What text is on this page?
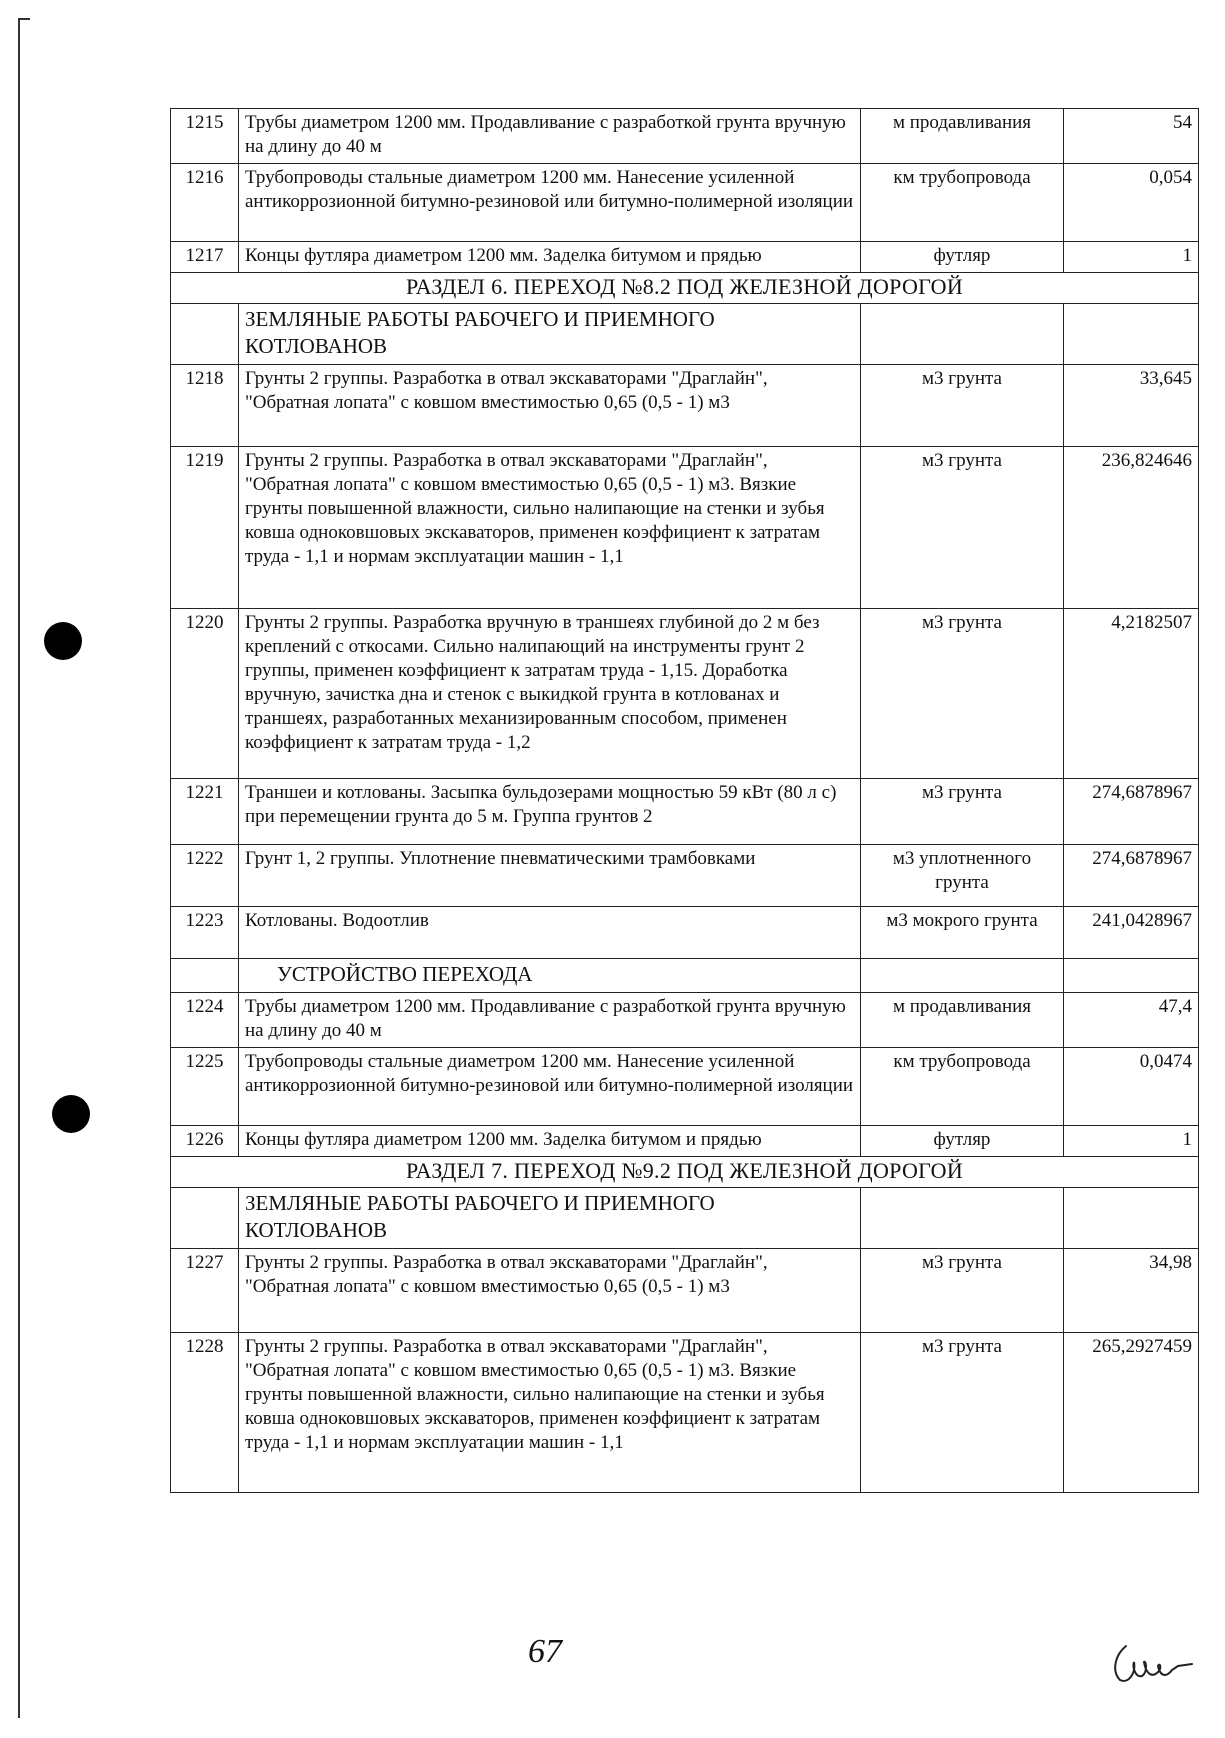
1215	Трубы диаметром 1200 мм. Продавливание с разработкой грунта вручную на длину до 40 м	м продавливания	54
1216	Трубопроводы стальные диаметром 1200 мм. Нанесение усиленной антикоррозионной битумно-резиновой или битумно-полимерной изоляции	км трубопровода	0,054
1217	Концы футляра диаметром 1200 мм. Заделка битумом и прядью	футляр	1
РАЗДЕЛ 6. ПЕРЕХОД №8.2 ПОД ЖЕЛЕЗНОЙ ДОРОГОЙ			
	ЗЕМЛЯНЫЕ РАБОТЫ РАБОЧЕГО И ПРИЕМНОГО КОТЛОВАНОВ		
1218	Грунты 2 группы. Разработка в отвал экскаваторами "Драглайн", "Обратная лопата" с ковшом вместимостью 0,65 (0,5 - 1) м3	м3 грунта	33,645
1219	Грунты 2 группы. Разработка в отвал экскаваторами "Драглайн", "Обратная лопата" с ковшом вместимостью 0,65 (0,5 - 1) м3. Вязкие грунты повышенной влажности, сильно налипающие на стенки и зубья ковша одноковшовых экскаваторов, применен коэффициент к затратам труда - 1,1 и нормам эксплуатации машин - 1,1	м3 грунта	236,824646
1220	Грунты 2 группы. Разработка вручную в траншеях глубиной до 2 м без креплений с откосами. Сильно налипающий на инструменты грунт 2 группы, применен коэффициент к затратам труда - 1,15. Доработка вручную, зачистка дна и стенок с выкидкой грунта в котлованах и траншеях, разработанных механизированным способом, применен коэффициент к затратам труда - 1,2	м3 грунта	4,2182507
1221	Траншеи и котлованы. Засыпка бульдозерами мощностью 59 кВт (80 л с) при перемещении грунта до 5 м. Группа грунтов 2	м3 грунта	274,6878967
1222	Грунт 1, 2 группы. Уплотнение пневматическими трамбовками	м3 уплотненного грунта	274,6878967
1223	Котлованы. Водоотлив	м3 мокрого грунта	241,0428967
	УСТРОЙСТВО ПЕРЕХОДА		
1224	Трубы диаметром 1200 мм. Продавливание с разработкой грунта вручную на длину до 40 м	м продавливания	47,4
1225	Трубопроводы стальные диаметром 1200 мм. Нанесение усиленной антикоррозионной битумно-резиновой или битумно-полимерной изоляции	км трубопровода	0,0474
1226	Концы футляра диаметром 1200 мм. Заделка битумом и прядью	футляр	1
РАЗДЕЛ 7. ПЕРЕХОД №9.2 ПОД ЖЕЛЕЗНОЙ ДОРОГОЙ			
	ЗЕМЛЯНЫЕ РАБОТЫ РАБОЧЕГО И ПРИЕМНОГО КОТЛОВАНОВ		
1227	Грунты 2 группы. Разработка в отвал экскаваторами "Драглайн", "Обратная лопата" с ковшом вместимостью 0,65 (0,5 - 1) м3	м3 грунта	34,98
1228	Грунты 2 группы. Разработка в отвал экскаваторами "Драглайн", "Обратная лопата" с ковшом вместимостью 0,65 (0,5 - 1) м3. Вязкие грунты повышенной влажности, сильно налипающие на стенки и зубья ковша одноковшовых экскаваторов, применен коэффициент к затратам труда - 1,1 и нормам эксплуатации машин - 1,1	м3 грунта	265,2927459
67
